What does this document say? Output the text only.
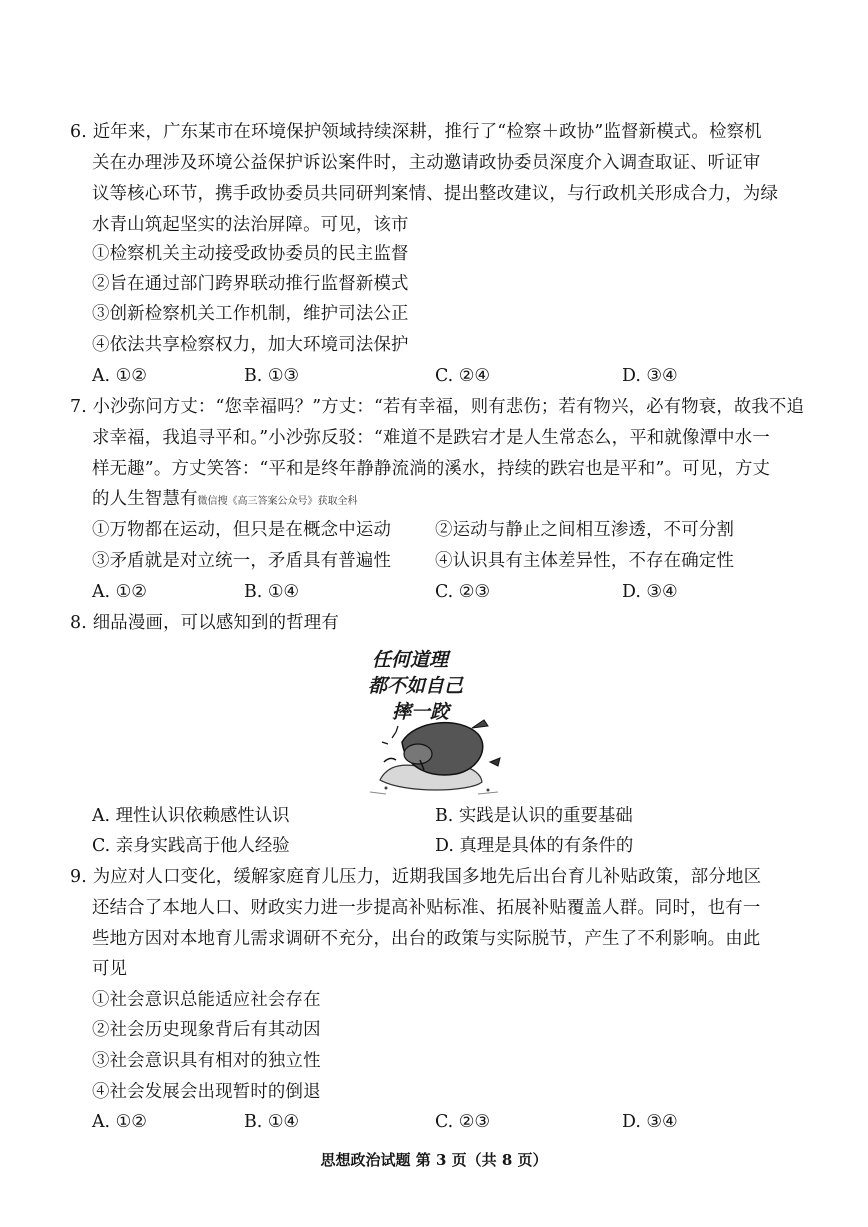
6. 近年来，广东某市在环境保护领域持续深耕，推行了“检察＋政协”监督新模式。检察机
关在办理涉及环境公益保护诉讼案件时，主动邀请政协委员深度介入调查取证、听证审
议等核心环节，携手政协委员共同研判案情、提出整改建议，与行政机关形成合力，为绿
水青山筑起坚实的法治屏障。可见，该市
①检察机关主动接受政协委员的民主监督
②旨在通过部门跨界联动推行监督新模式
③创新检察机关工作机制，维护司法公正
④依法共享检察权力，加大环境司法保护
A. ①②	B. ①③	C. ②④	D. ③④
7. 小沙弥问方丈：“您幸福吗？”方丈：“若有幸福，则有悲伤；若有物兴，必有物衰，故我不追
求幸福，我追寻平和。”小沙弥反驳：“难道不是跌宕才是人生常态么，平和就像潭中水一
样无趣”。方丈笑答：“平和是终年静静流淌的溪水，持续的跌宕也是平和”。可见，方丈
的人生智慧有微信搜《高三答案公众号》获取全科
①万物都在运动，但只是在概念中运动	②运动与静止之间相互渗透，不可分割
③矛盾就是对立统一，矛盾具有普遍性	④认识具有主体差异性，不存在确定性
A. ①②	B. ①④	C. ②③	D. ③④
8. 细品漫画，可以感知到的哲理有
任何道理
都不如自己
摔一跤
A. 理性认识依赖感性认识	B. 实践是认识的重要基础
C. 亲身实践高于他人经验	D. 真理是具体的有条件的
9. 为应对人口变化，缓解家庭育儿压力，近期我国多地先后出台育儿补贴政策，部分地区
还结合了本地人口、财政实力进一步提高补贴标准、拓展补贴覆盖人群。同时，也有一
些地方因对本地育儿需求调研不充分，出台的政策与实际脱节，产生了不利影响。由此
可见
①社会意识总能适应社会存在
②社会历史现象背后有其动因
③社会意识具有相对的独立性
④社会发展会出现暂时的倒退
A. ①②	B. ①④	C. ②③	D. ③④
思想政治试题 第 3 页（共 8 页）
